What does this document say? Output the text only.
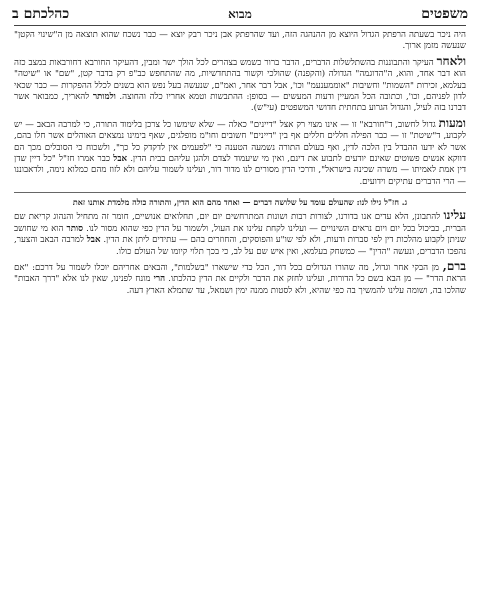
משפטים
מבוא
כהלכתם ב

היה ניכר בשעתה הרפתק הגדול היוצא מן ההנהגה הזה, ועד שהרפתק אבן ניכר רבק יוצא — כבר נשכח שהוא תוצאה מן ה"שינוי הקטן" שנעשה מזמן ארוך.

ולאחר העיקר והתבוננות בהשתלשלות הדברים, הדבר ברור כשמש בצהרים לכל הולך ישר ומבין, דהעיקר החורבא דחורבאות במצב כזה הוא דבר אחד, והוא, ה"הדוגמה" הגדולה (והקפנה) שהולכי וקשור בהתחדשיות, מה שהתחפש כב"פ רק בדבר קטן, "שם" או "שיטה" בעלמא, זכירות "השמות" וחשיבות "אוממענעמ" וכו', אבל דבר אחר, ואמ"ם, שנעשה בעל נפש הוא בשנים לכלל ההפקרות — כבר שכאי לדון לפניהם, וכו', וכתובה הכל המעיין ודעות המעשים — בסופן: ההתבשות וטמא אחריו כלה והחוצה. ולמותר להאריך, כמבואר אשר דברנו בזה לעיל, והגדול הגרוע בתחתית חדושי המשפטים (עי"ש).

ומעות גדול לחשוב, ד"חורבא" זו — אינו מצוי רק אצל "דיינים" כאלה — שלא שימשו כל צרכן בלימוד התורה, כי למרבה הבאב — יש לקבוע, ד"שיטת" זו — כבר הפילה חללים חללים אף בין "דיינים" חשובים וחו"מ מופלגים, שאף בימינו נמצאים האוהלים אשר חלו בהם, אשר לא ידעו ההבדל בין הלכה לדין, ואף בעולם התורה נשמעה הטענה כי "לפעמים אין לדקדק כל כך", ולשכוח כי הסובלים מכך הם דווקא אנשים פשוטים שאינם יודעים לתבוע את דינם, ואין מי שיעמוד לצדם ולהגן עליהם בבית הדין. אבל כבר אמרו חז"ל "כל דיין שדן דין אמת לאמיתו — משרה שכינה בישראל", ודרכי הדין מסורים לנו מדור דור, ועלינו לשמור עליהם ולא לזוז מהם כמלוא נימה, ולדאבוננו — הרי הדברים עתיקים וידועים.

ג. חז"ל גילו לנו: שהעולם עומד על שלושה דברים — ואחד מהם הוא הדין, והתורה כולה מלמדת אותנו זאת

עלינו להתבונן, הלא עדים אנו בדורנו, לצורות רבות ושונות המתרחשים יום יום, תחלואים אנושיים, חומר זה מתחיל והנהוג קריאת שם הברית, כביכול בכל יום ויום נראים השינויים — ועלינו לקחת עלינו את העול, ולשמור על הדין כפי שהוא מסור לנו. סותר הוא מי שחושב שניתן לקבוע מהלכות דין לפי סברות ודעות, ולא לפי שו"ע והפוסקים, והחוזרים בהם — עתידים ליתן את הדין. אבל למרבה הבאב והצער, נהפכו הדברים, ונעשה "הדין" — כמשחק בעלמא, ואין איש שם על לב, כי בכך תלוי קיומו של העולם כולו.

ברם, מן הבקי אחר וגדול, מה שהורו הגדולים בכל דור, הכל כדי שישארו "בשלמות", והבאים אחריהם יוכלו לשמור על דרכם: "אם הראת הדר" — מן הבא בשם כל הדורות, ועלינו לחזק את הדבר ולקיים את הדין כהלכתו. הרי מונח לפנינו, שאין לנו אלא "דרך האבות" שהלכו בה, ושומה עלינו להמשיך בה כפי שהיא, ולא לסטות ממנה ימין ושמאל, עד שתמלא הארץ דעה.
